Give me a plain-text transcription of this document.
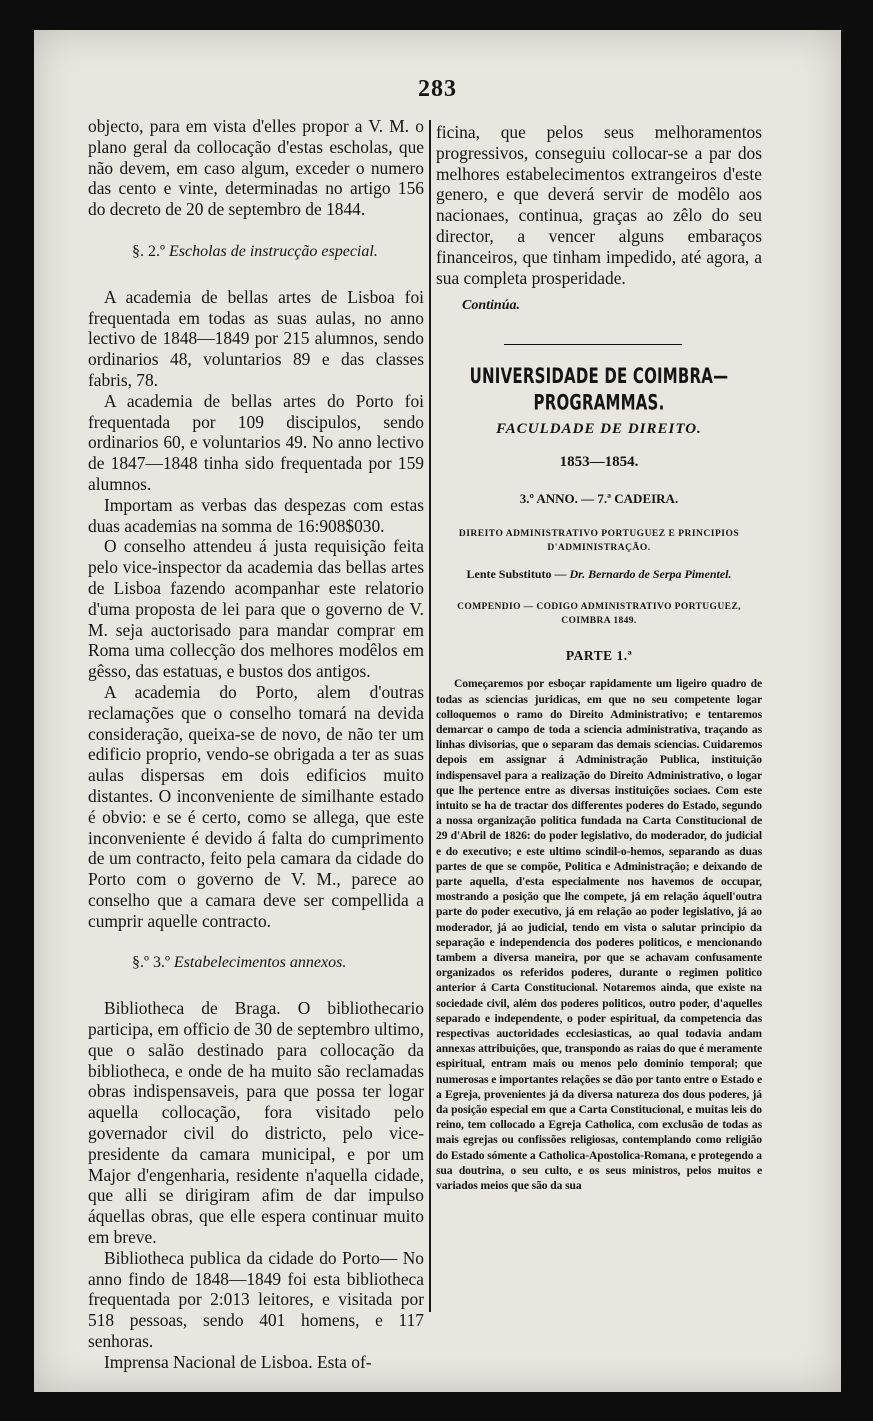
283

objecto, para em vista d'elles propor a V. M. o plano geral da collocação d'estas escholas, que não devem, em caso algum, exceder o numero das cento e vinte, determinadas no artigo 156 do decreto de 20 de septembro de 1844.

§. 2.º Escholas de instrucção especial.

A academia de bellas artes de Lisboa foi frequentada em todas as suas aulas, no anno lectivo de 1848—1849 por 215 alumnos, sendo ordinarios 48, voluntarios 89 e das classes fabris, 78.

A academia de bellas artes do Porto foi frequentada por 109 discipulos, sendo ordinarios 60, e voluntarios 49. No anno lectivo de 1847—1848 tinha sido frequentada por 159 alumnos.

Importam as verbas das despezas com estas duas academias na somma de 16:908$030.

O conselho attendeu á justa requisição feita pelo vice-inspector da academia das bellas artes de Lisboa fazendo acompanhar este relatorio d'uma proposta de lei para que o governo de V. M. seja auctorisado para mandar comprar em Roma uma collecção dos melhores modêlos em gêsso, das estatuas, e bustos dos antigos.

A academia do Porto, alem d'outras reclamações que o conselho tomará na devida consideração, queixa-se de novo, de não ter um edificio proprio, vendo-se obrigada a ter as suas aulas dispersas em dois edificios muito distantes. O inconveniente de similhante estado é obvio: e se é certo, como se allega, que este inconveniente é devido á falta do cumprimento de um contracto, feito pela camara da cidade do Porto com o governo de V. M., parece ao conselho que a camara deve ser compellida a cumprir aquelle contracto.

§.º 3.º Estabelecimentos annexos.

Bibliotheca de Braga. O bibliothecario participa, em officio de 30 de septembro ultimo, que o salão destinado para collocação da bibliotheca, e onde de ha muito são reclamadas obras indispensaveis, para que possa ter logar aquella collocação, fora visitado pelo governador civil do districto, pelo vice-presidente da camara municipal, e por um Major d'engenharia, residente n'aquella cidade, que alli se dirigiram afim de dar impulso áquellas obras, que elle espera continuar muito em breve.

Bibliotheca publica da cidade do Porto— No anno findo de 1848—1849 foi esta bibliotheca frequentada por 2:013 leitores, e visitada por 518 pessoas, sendo 401 homens, e 117 senhoras.

Imprensa Nacional de Lisboa. Esta of-

ficina, que pelos seus melhoramentos progressivos, conseguiu collocar-se a par dos melhores estabelecimentos extrangeiros d'este genero, e que deverá servir de modêlo aos nacionaes, continua, graças ao zêlo do seu director, a vencer alguns embaraços financeiros, que tinham impedido, até agora, a sua completa prosperidade.

Continúa.
UNIVERSIDADE DE COIMBRA—PROGRAMMAS.
FACULDADE DE DIREITO.
1853—1854.
3.º ANNO. — 7.ª CADEIRA.
DIREITO ADMINISTRATIVO PORTUGUEZ E PRINCIPIOS
D'ADMINISTRAÇÃO.
Lente Substituto — Dr. Bernardo de Serpa Pimentel.
COMPENDIO — CODIGO ADMINISTRATIVO PORTUGUEZ,
COIMBRA 1849.
PARTE 1.ª

Começaremos por esboçar rapidamente um ligeiro quadro de todas as sciencias juridicas, em que no seu competente logar colloquemos o ramo do Direito Administrativo; e tentaremos demarcar o campo de toda a sciencia administrativa, traçando as linhas divisorias, que o separam das demais sciencias. Cuidaremos depois em assignar á Administração Publica, instituição indispensavel para a realização do Direito Administrativo, o logar que lhe pertence entre as diversas instituições sociaes. Com este intuito se ha de tractar dos differentes poderes do Estado, segundo a nossa organização politica fundada na Carta Constitucional de 29 d'Abril de 1826: do poder legislativo, do moderador, do judicial e do executivo; e este ultimo scindil-o-hemos, separando as duas partes de que se compõe, Politica e Administração; e deixando de parte aquella, d'esta especialmente nos havemos de occupar, mostrando a posição que lhe compete, já em relação áquell'outra parte do poder executivo, já em relação ao poder legislativo, já ao moderador, já ao judicial, tendo em vista o salutar principio da separação e independencia dos poderes politicos, e mencionando tambem a diversa maneira, por que se achavam confusamente organizados os referidos poderes, durante o regimen politico anterior á Carta Constitucional. Notaremos ainda, que existe na sociedade civil, além dos poderes politicos, outro poder, d'aquelles separado e independente, o poder espiritual, da competencia das respectivas auctoridades ecclesiasticas, ao qual todavia andam annexas attribuições, que, transpondo as raias do que é meramente espiritual, entram mais ou menos pelo dominio temporal; que numerosas e importantes relações se dão por tanto entre o Estado e a Egreja, provenientes já da diversa natureza dos dous poderes, já da posição especial em que a Carta Constitucional, e muitas leis do reino, tem collocado a Egreja Catholica, com exclusão de todas as mais egrejas ou confissões religiosas, contemplando como religião do Estado sómente a Catholica-Apostolica-Romana, e protegendo a sua doutrina, o seu culto, e os seus ministros, pelos muitos e variados meios que são da sua
